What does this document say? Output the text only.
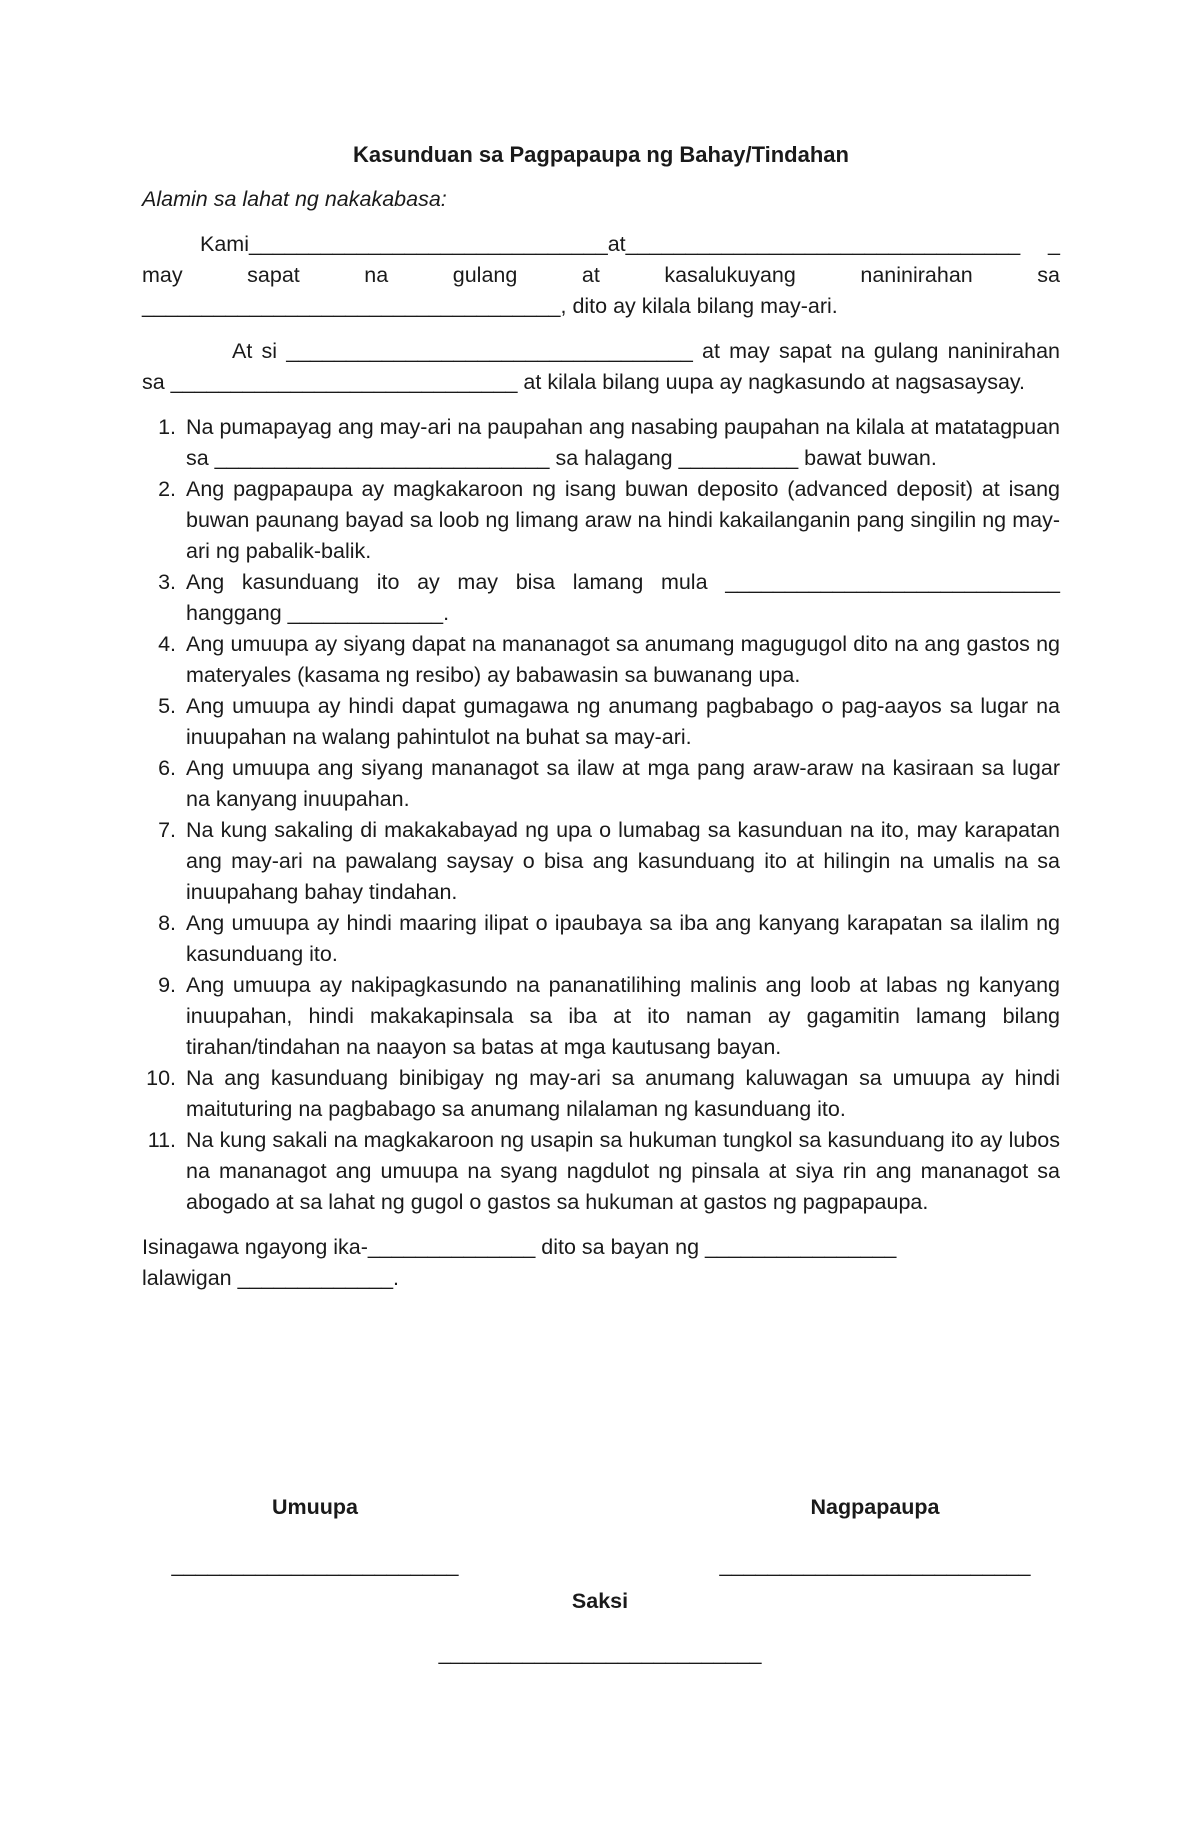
Kasunduan sa Pagpapaupa ng Bahay/Tindahan
Alamin sa lahat ng nakakabasa:
Kami______________________________at_________________________________ _ may sapat na gulang at kasalukuyang naninirahan sa ___________________________________, dito ay kilala bilang may-ari.
At si __________________________________ at may sapat na gulang naninirahan sa _____________________________ at kilala bilang uupa ay nagkasundo at nagsasaysay.
1. Na pumapayag ang may-ari na paupahan ang nasabing paupahan na kilala at matatagpuan sa ____________________________ sa halagang __________ bawat buwan.
2. Ang pagpapaupa ay magkakaroon ng isang buwan deposito (advanced deposit) at isang buwan paunang bayad sa loob ng limang araw na hindi kakailanganin pang singilin ng may-ari ng pabalik-balik.
3. Ang kasunduang ito ay may bisa lamang mula ____________________________ hanggang _____________.
4. Ang umuupa ay siyang dapat na mananagot sa anumang magugugol dito na ang gastos ng materyales (kasama ng resibo) ay babawasin sa buwanang upa.
5. Ang umuupa ay hindi dapat gumagawa ng anumang pagbabago o pag-aayos sa lugar na inuupahan na walang pahintulot na buhat sa may-ari.
6. Ang umuupa ang siyang mananagot sa ilaw at mga pang araw-araw na kasiraan sa lugar na kanyang inuupahan.
7. Na kung sakaling di makakabayad ng upa o lumabag sa kasunduan na ito, may karapatan ang may-ari na pawalang saysay o bisa ang kasunduang ito at hilingin na umalis na sa inuupahang bahay tindahan.
8. Ang umuupa ay hindi maaring ilipat o ipaubaya sa iba ang kanyang karapatan sa ilalim ng kasunduang ito.
9. Ang umuupa ay nakipagkasundo na pananatilihing malinis ang loob at labas ng kanyang inuupahan, hindi makakapinsala sa iba at ito naman ay gagamitin lamang bilang tirahan/tindahan na naayon sa batas at mga kautusang bayan.
10. Na ang kasunduang binibigay ng may-ari sa anumang kaluwagan sa umuupa ay hindi maituturing na pagbabago sa anumang nilalaman ng kasunduang ito.
11. Na kung sakali na magkakaroon ng usapin sa hukuman tungkol sa kasunduang ito ay lubos na mananagot ang umuupa na syang nagdulot ng pinsala at siya rin ang mananagot sa abogado at sa lahat ng gugol o gastos sa hukuman at gastos ng pagpapaupa.
Isinagawa ngayong ika-______________ dito sa bayan ng ________________
lalawigan _____________.
Umuupa
________________________
Nagpapaupa
__________________________
Saksi
___________________________
